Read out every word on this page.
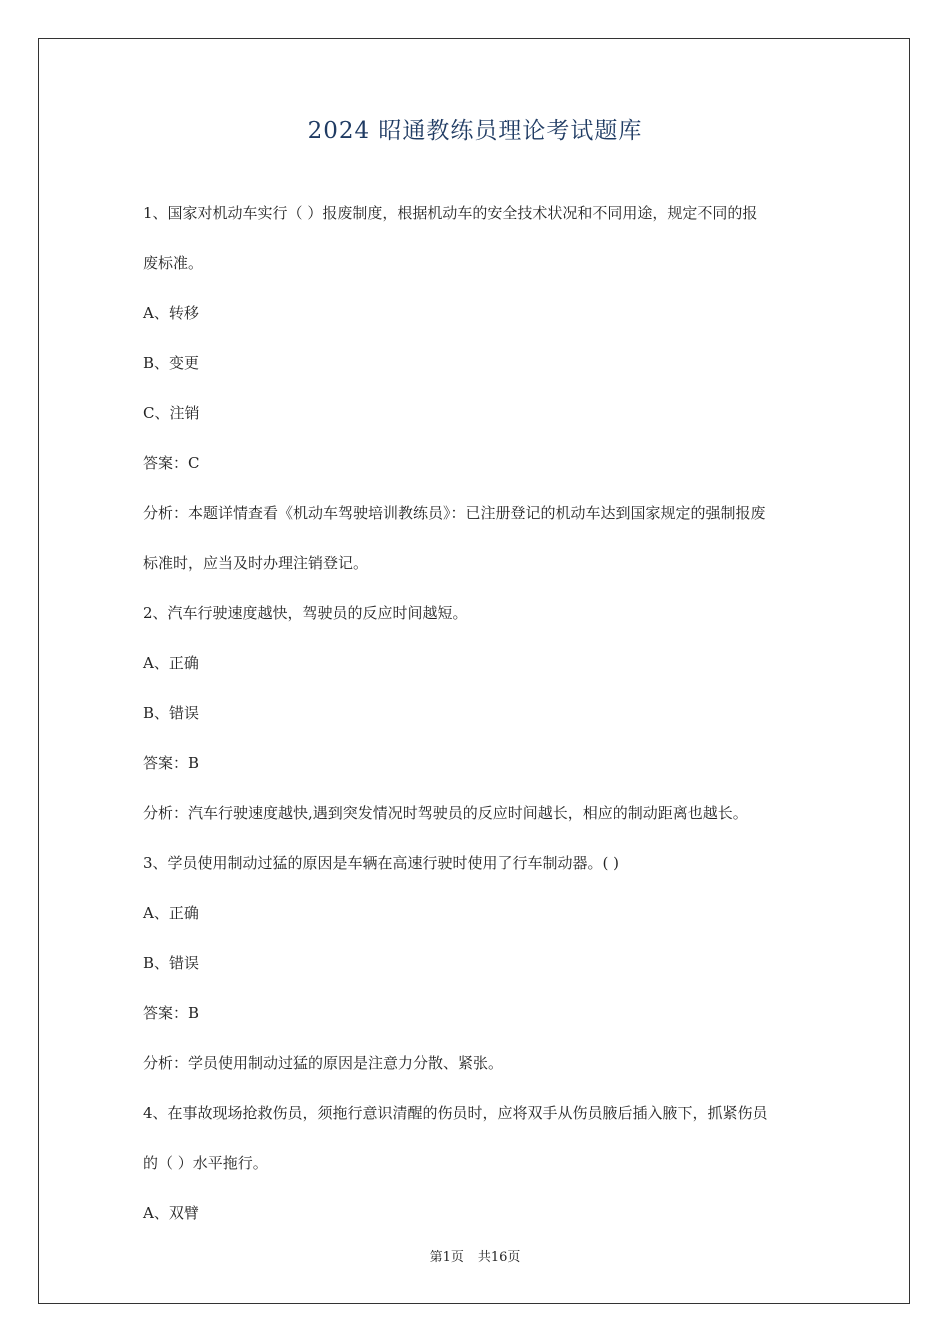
2024 昭通教练员理论考试题库

1、国家对机动车实行（ ）报废制度，根据机动车的安全技术状况和不同用途，规定不同的报

废标准。

A、转移

B、变更

C、注销

答案：C

分析：本题详情查看《机动车驾驶培训教练员》：已注册登记的机动车达到国家规定的强制报废

标准时，应当及时办理注销登记。

2、汽车行驶速度越快，驾驶员的反应时间越短。

A、正确

B、错误

答案：B

分析：汽车行驶速度越快,遇到突发情况时驾驶员的反应时间越长，相应的制动距离也越长。

3、学员使用制动过猛的原因是车辆在高速行驶时使用了行车制动器。( )

A、正确

B、错误

答案：B

分析：学员使用制动过猛的原因是注意力分散、紧张。

4、在事故现场抢救伤员，须拖行意识清醒的伤员时，应将双手从伤员腋后插入腋下，抓紧伤员

的（ ）水平拖行。

A、双臂

第1页 共16页
